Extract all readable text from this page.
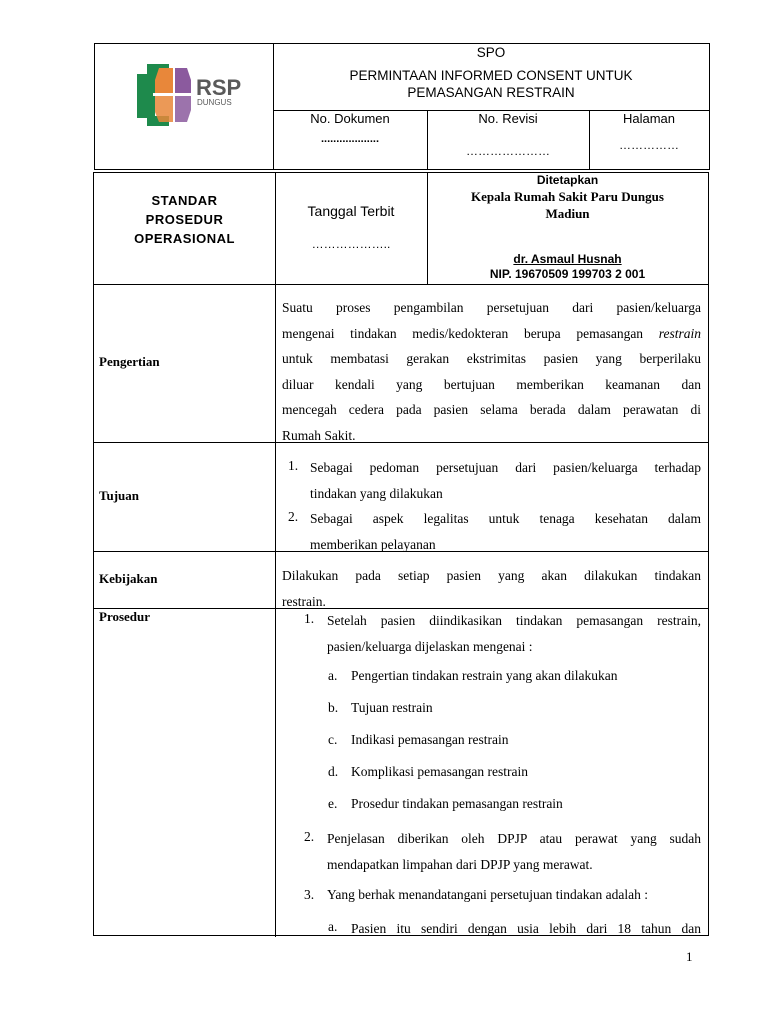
RSP
DUNGUS
SPO
PERMINTAAN INFORMED CONSENT UNTUK
PEMASANGAN RESTRAIN
No. Dokumen
...................
No. Revisi
…………………
Halaman
……………
STANDAR
PROSEDUR
OPERASIONAL
Tanggal Terbit
………………..
Ditetapkan
Kepala Rumah Sakit Paru Dungus
Madiun
dr. Asmaul Husnah
NIP. 19670509 199703 2 001
Pengertian
Suatu proses pengambilan persetujuan dari pasien/keluarga
mengenai tindakan medis/kedokteran berupa pemasangan restrain
untuk membatasi gerakan ekstrimitas pasien yang berperilaku
diluar kendali yang bertujuan memberikan keamanan dan
mencegah cedera pada pasien selama berada dalam perawatan di
Rumah Sakit.
Tujuan
1. Sebagai pedoman persetujuan dari pasien/keluarga terhadap
tindakan yang dilakukan
2. Sebagai aspek legalitas untuk tenaga kesehatan dalam
memberikan pelayanan
Kebijakan	Dilakukan pada setiap pasien yang akan dilakukan tindakan
restrain.
Prosedur	1. Setelah pasien diindikasikan tindakan pemasangan restrain,
pasien/keluarga dijelaskan mengenai :
a. Pengertian tindakan restrain yang akan dilakukan
b. Tujuan restrain
c. Indikasi pemasangan restrain
d. Komplikasi pemasangan restrain
e. Prosedur tindakan pemasangan restrain
2. Penjelasan diberikan oleh DPJP atau perawat yang sudah
mendapatkan limpahan dari DPJP yang merawat.
3. Yang berhak menandatangani persetujuan tindakan adalah :
a. Pasien itu sendiri dengan usia lebih dari 18 tahun dan
1
